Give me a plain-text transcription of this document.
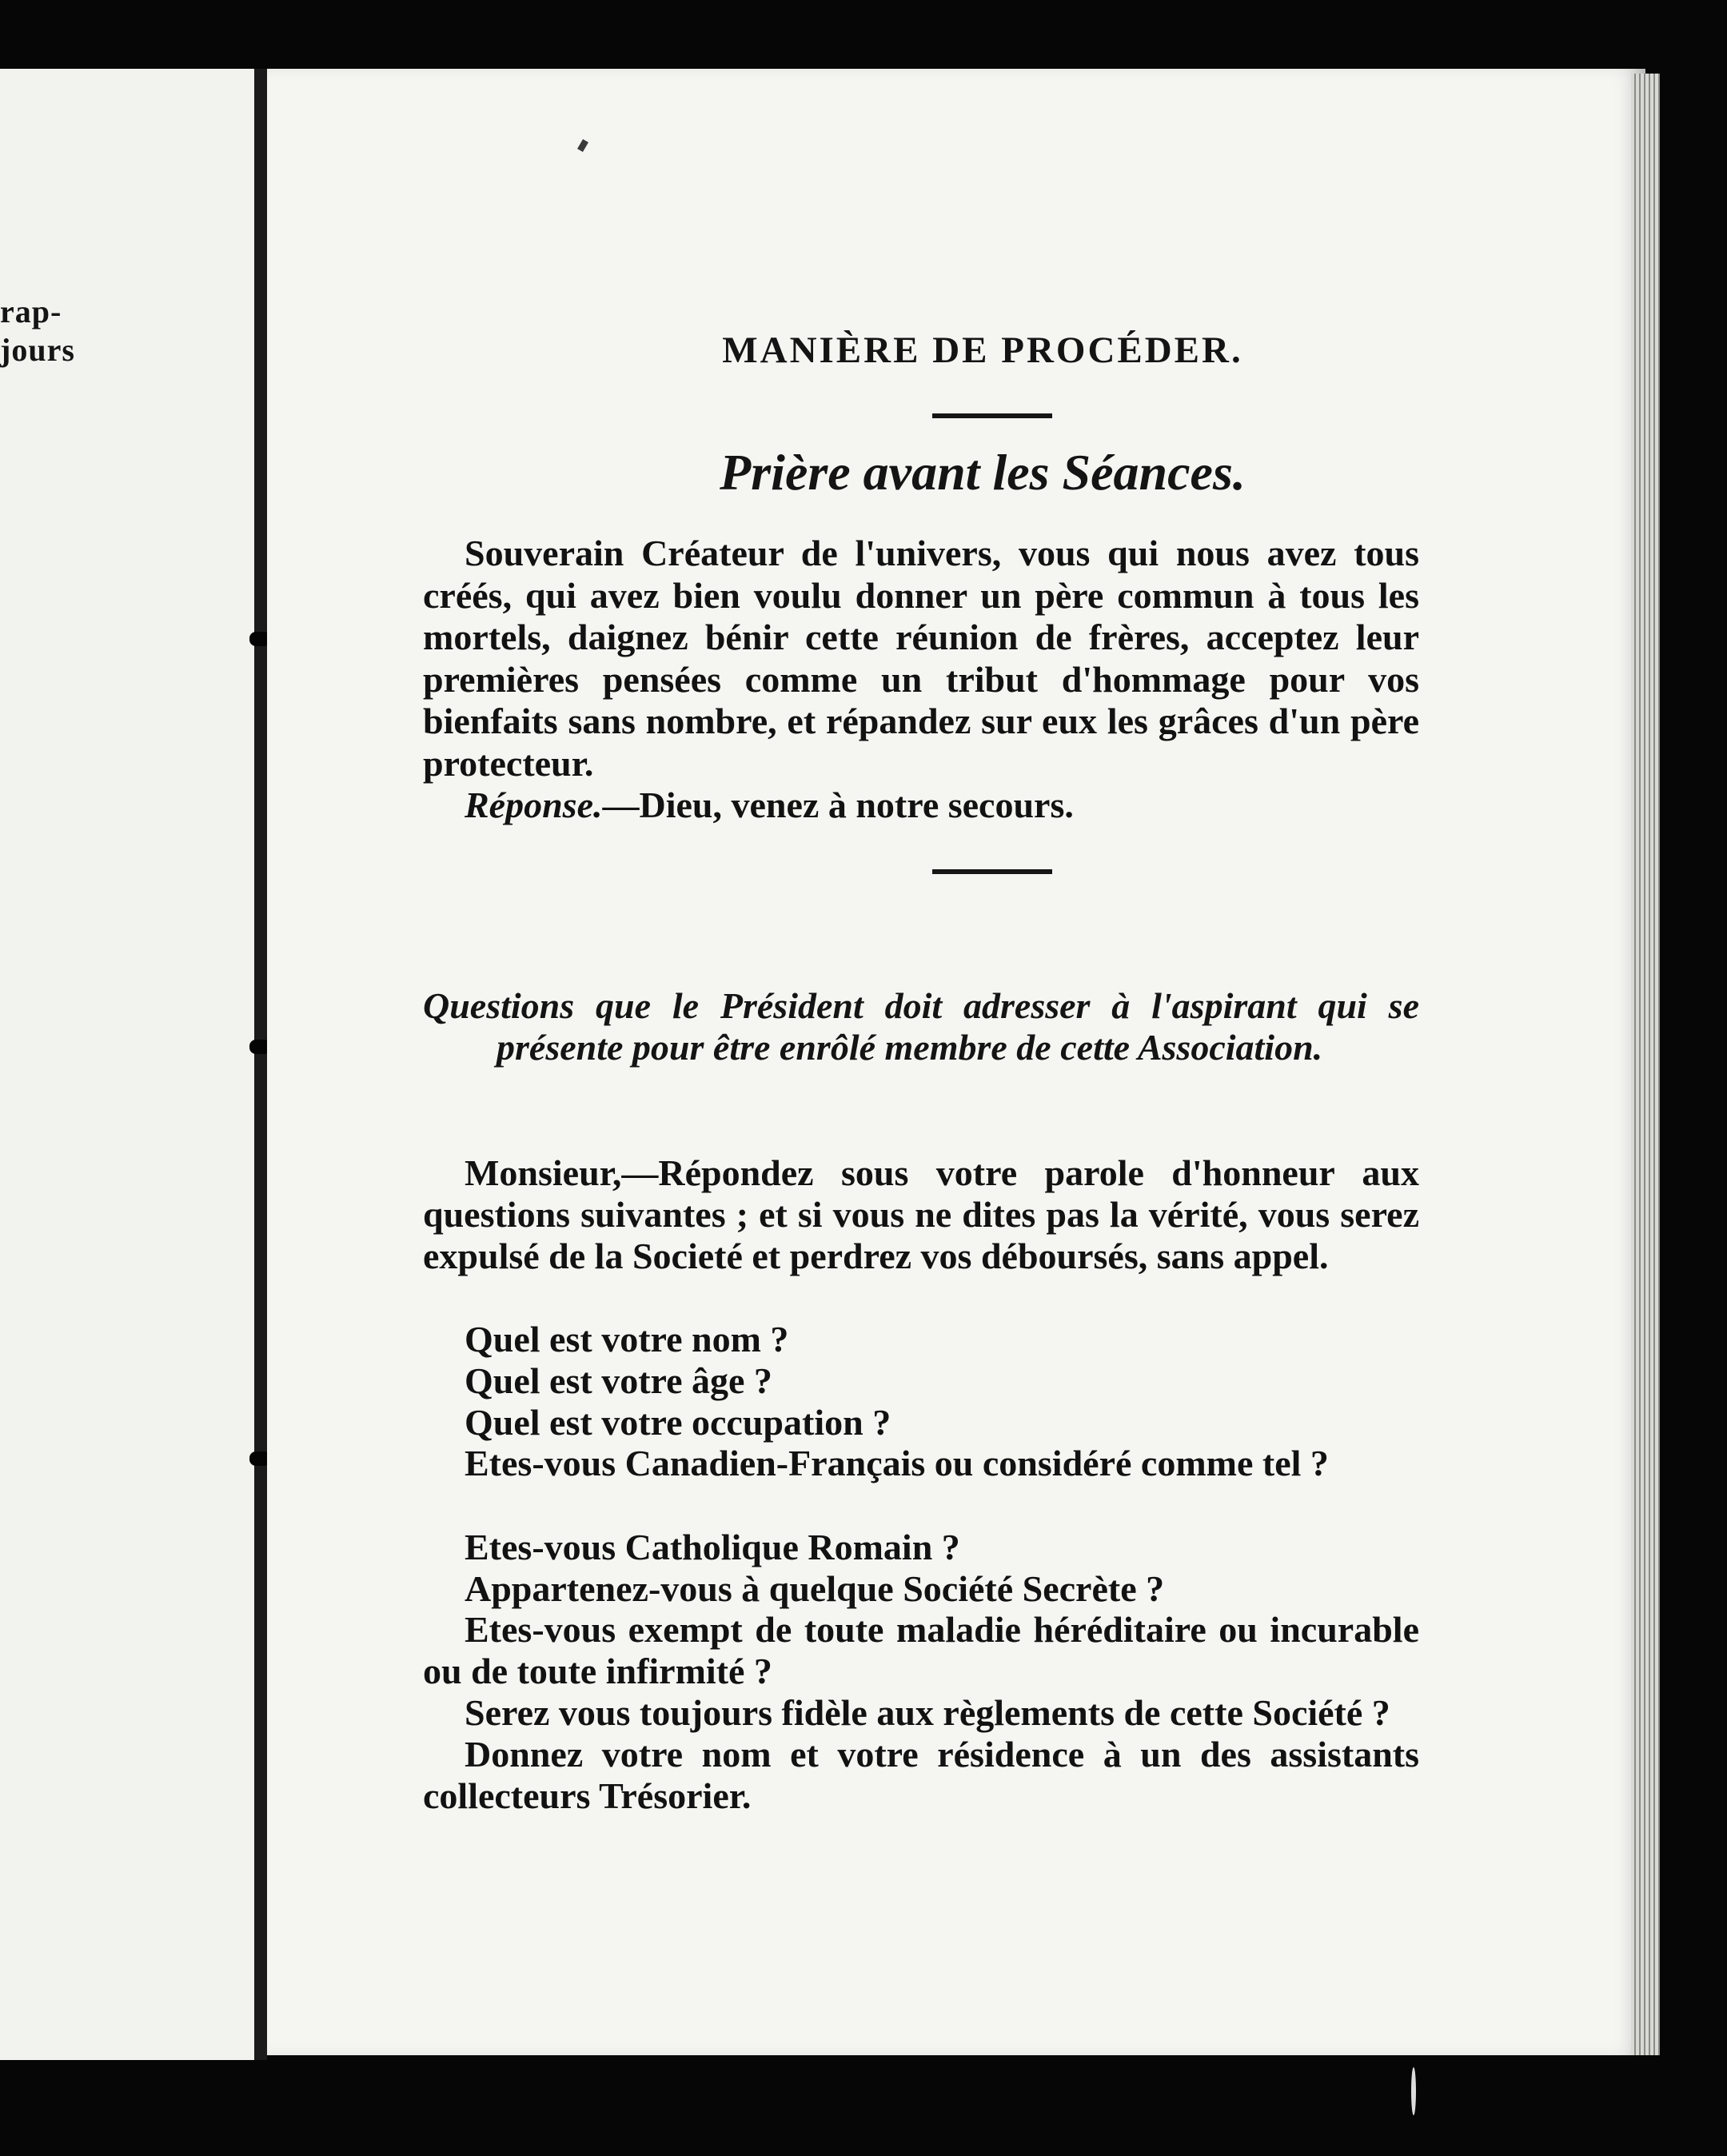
rap-
jours	MANIÈRE DE PROCÉDER.
Prière avant les Séances.

Souverain Créateur de l'univers, vous qui nous avez tous créés, qui avez bien voulu donner un père commun à tous les mortels, daignez bénir cette réunion de frères, acceptez leur premières pensées comme un tribut d'hommage pour vos bienfaits sans nombre, et répandez sur eux les grâces d'un père protecteur.

Réponse.—Dieu, venez à notre secours.

Questions que le Président doit adresser à l'aspirant qui se présente pour être enrôlé membre de cette Association.

Monsieur,—Répondez sous votre parole d'honneur aux questions suivantes ; et si vous ne dites pas la vérité, vous serez expulsé de la Societé et perdrez vos déboursés, sans appel.

Quel est votre nom ?
Quel est votre âge ?
Quel est votre occupation ?

Etes-vous Canadien-Français ou considéré comme tel ?

Etes-vous Catholique Romain ?
Appartenez-vous à quelque Société Secrète ?

Etes-vous exempt de toute maladie héréditaire ou incurable ou de toute infirmité ?

Serez vous toujours fidèle aux règlements de cette Société ?

Donnez votre nom et votre résidence à un des assistants collecteurs Trésorier.
